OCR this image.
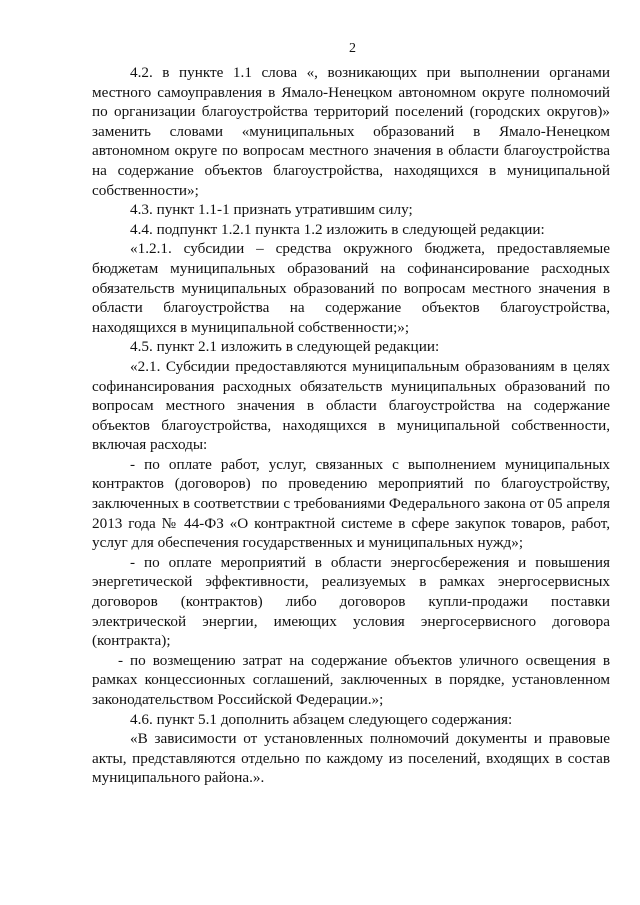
2

4.2. в пункте 1.1 слова «, возникающих при выполнении органами местного самоуправления в Ямало-Ненецком автономном округе полномочий по организации благоустройства территорий поселений (городских округов)» заменить словами «муниципальных образований в Ямало-Ненецком автономном округе по вопросам местного значения в области благоустройства на содержание объектов благоустройства, находящихся в муниципальной собственности»;

4.3. пункт 1.1-1 признать утратившим силу;

4.4. подпункт 1.2.1 пункта 1.2 изложить в следующей редакции:

«1.2.1. субсидии – средства окружного бюджета, предоставляемые бюджетам муниципальных образований на софинансирование расходных обязательств муниципальных образований по вопросам местного значения в области благоустройства на содержание объектов благоустройства, находящихся в муниципальной собственности;»;

4.5. пункт 2.1 изложить в следующей редакции:

«2.1. Субсидии предоставляются муниципальным образованиям в целях софинансирования расходных обязательств муниципальных образований по вопросам местного значения в области благоустройства на содержание объектов благоустройства, находящихся в муниципальной собственности, включая расходы:

- по оплате работ, услуг, связанных с выполнением муниципальных контрактов (договоров) по проведению мероприятий по благоустройству, заключенных в соответствии с требованиями Федерального закона от 05 апреля 2013 года № 44-ФЗ «О контрактной системе в сфере закупок товаров, работ, услуг для обеспечения государственных и муниципальных нужд»;

- по оплате мероприятий в области энергосбережения и повышения энергетической эффективности, реализуемых в рамках энергосервисных договоров (контрактов) либо договоров купли-продажи поставки электрической энергии, имеющих условия энергосервисного договора (контракта);

- по возмещению затрат на содержание объектов уличного освещения в рамках концессионных соглашений, заключенных в порядке, установленном законодательством Российской Федерации.»;

4.6. пункт 5.1 дополнить абзацем следующего содержания:

«В зависимости от установленных полномочий документы и правовые акты, представляются отдельно по каждому из поселений, входящих в состав муниципального района.».
